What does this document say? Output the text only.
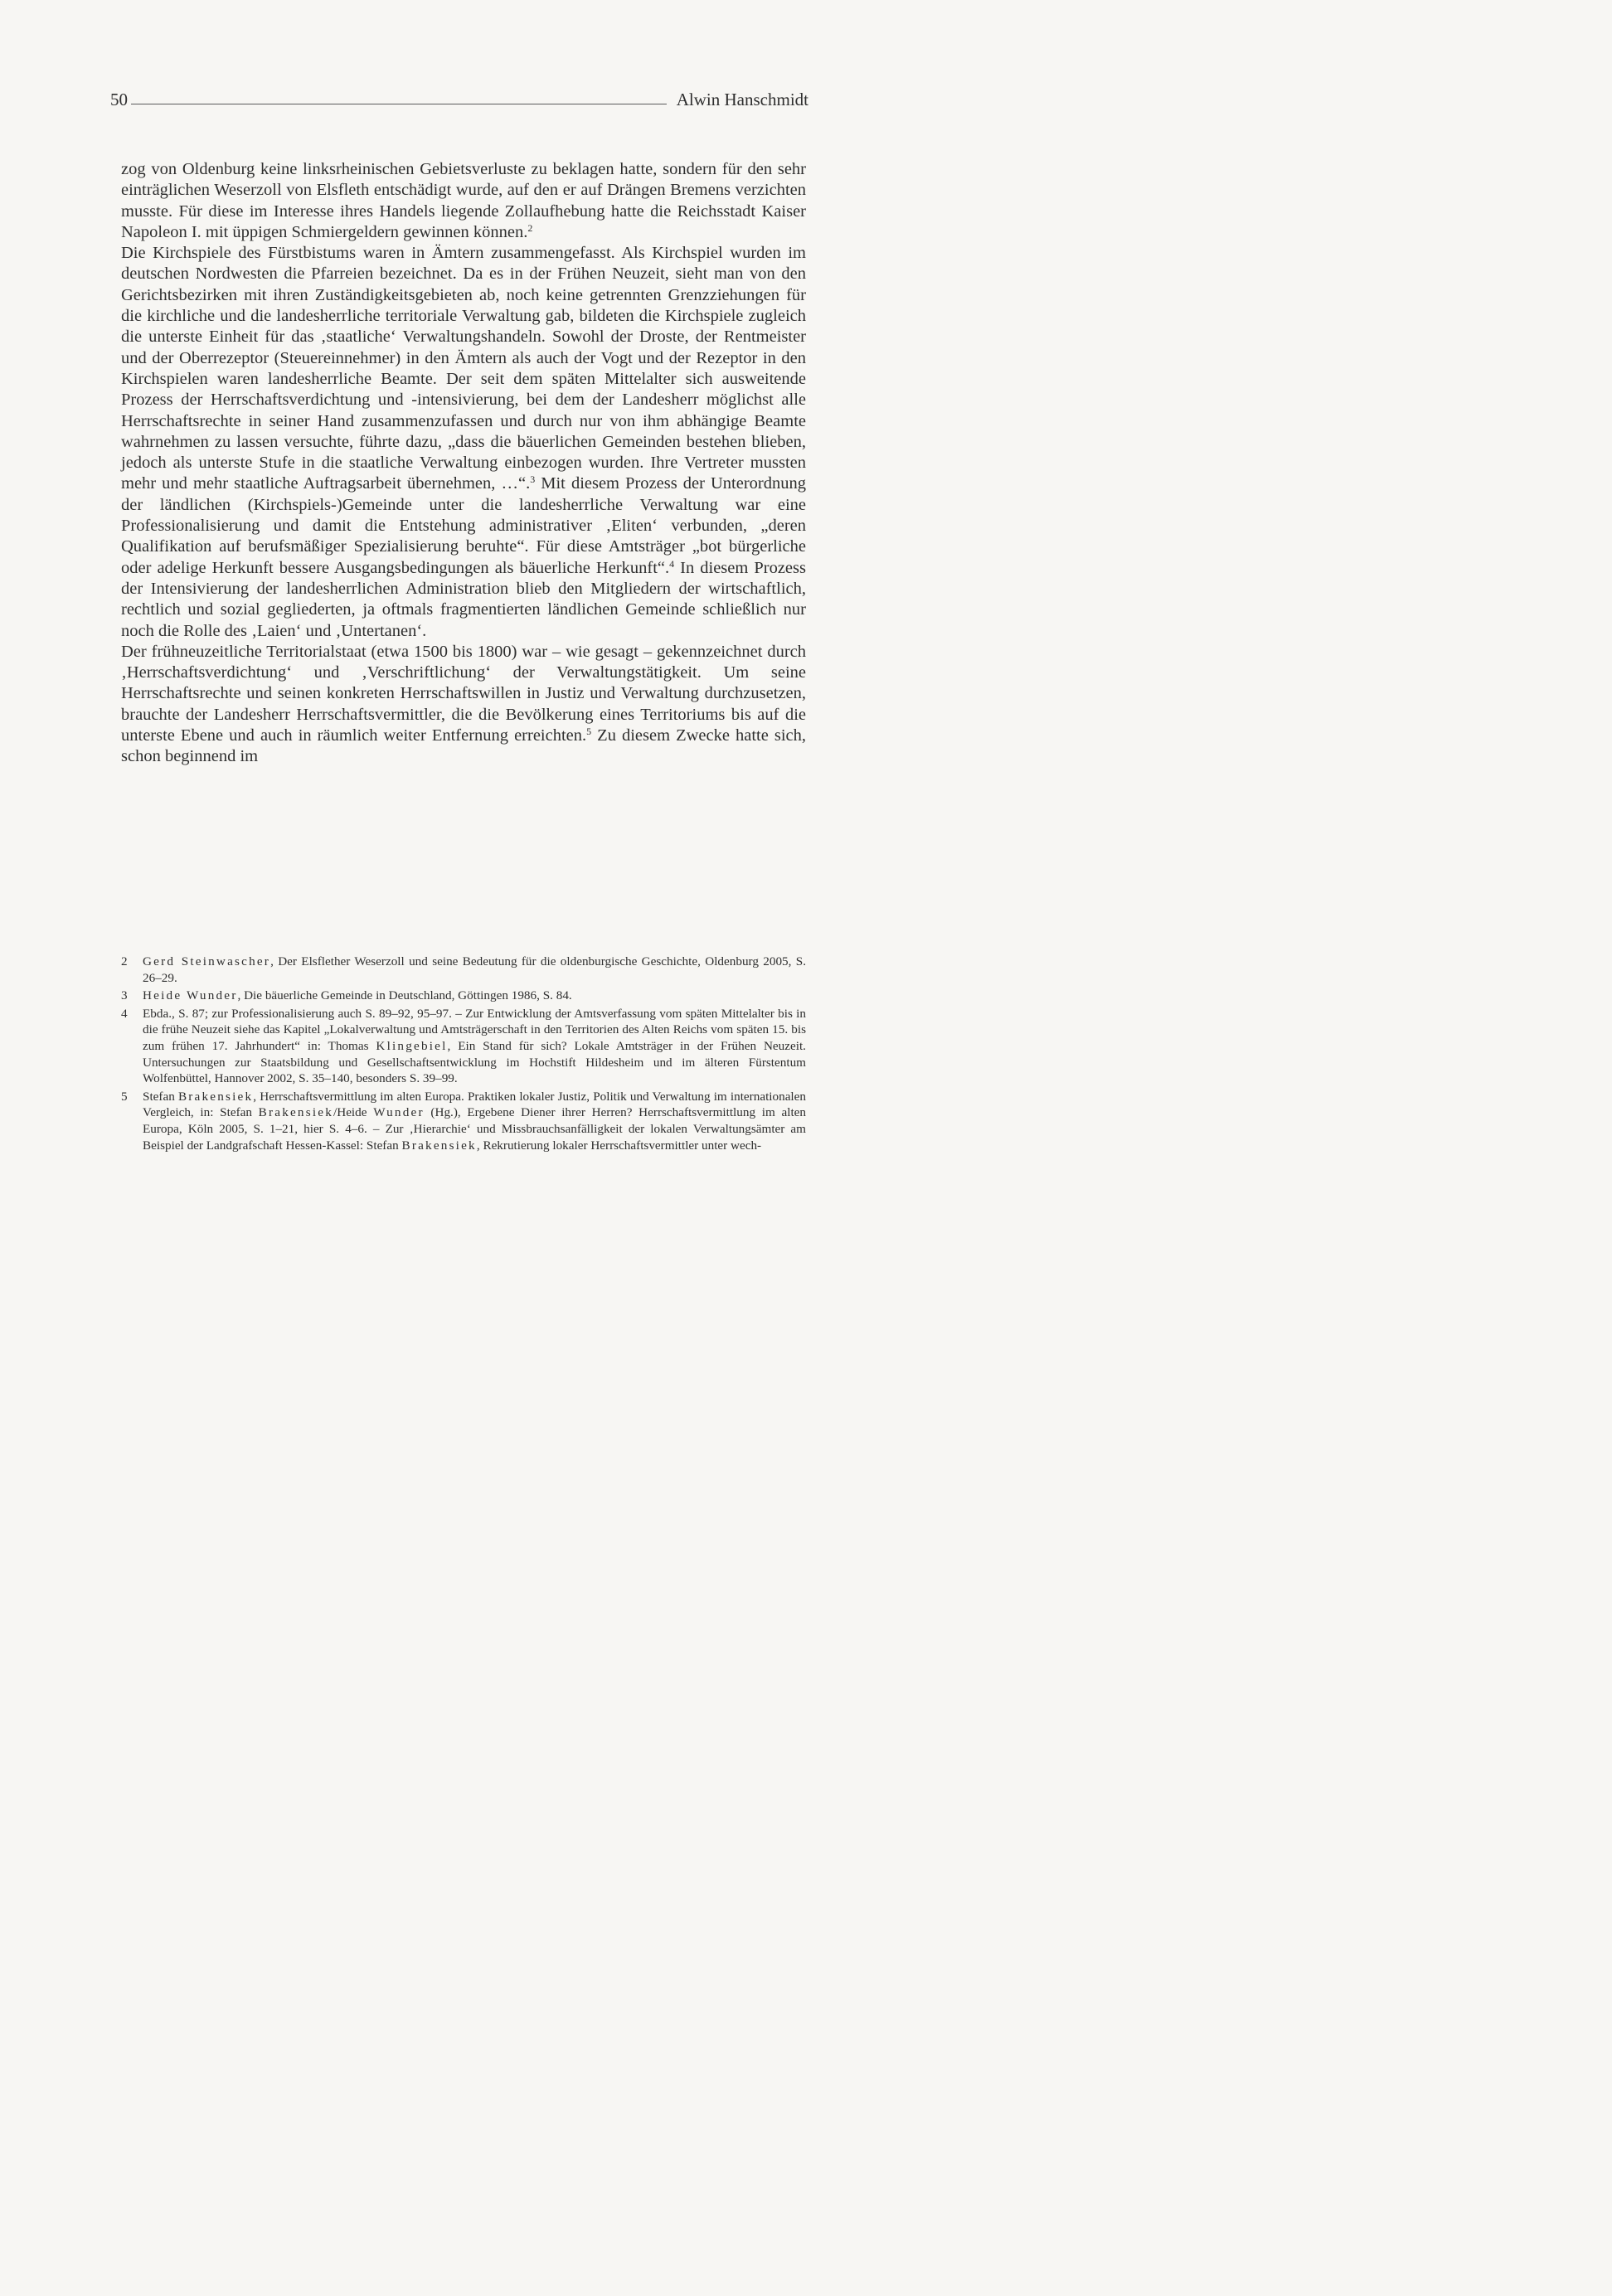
50	Alwin Hanschmidt

zog von Oldenburg keine linksrheinischen Gebietsverluste zu beklagen hatte, sondern für den sehr einträglichen Weserzoll von Elsfleth entschädigt wurde, auf den er auf Drängen Bremens verzichten musste. Für diese im Interesse ihres Handels liegende Zollaufhebung hatte die Reichsstadt Kaiser Napoleon I. mit üppigen Schmiergeldern gewinnen können.$^2$

Die Kirchspiele des Fürstbistums waren in Ämtern zusammengefasst. Als Kirchspiel wurden im deutschen Nordwesten die Pfarreien bezeichnet. Da es in der Frühen Neuzeit, sieht man von den Gerichtsbezirken mit ihren Zuständigkeitsgebieten ab, noch keine getrennten Grenzziehungen für die kirchliche und die landesherrliche territoriale Verwaltung gab, bildeten die Kirchspiele zugleich die unterste Einheit für das ‚staatliche‘ Verwaltungshandeln. Sowohl der Droste, der Rentmeister und der Oberrezeptor (Steuereinnehmer) in den Ämtern als auch der Vogt und der Rezeptor in den Kirchspielen waren landesherrliche Beamte. Der seit dem späten Mittelalter sich ausweitende Prozess der Herrschaftsverdichtung und -intensivierung, bei dem der Landesherr möglichst alle Herrschaftsrechte in seiner Hand zusammenzufassen und durch nur von ihm abhängige Beamte wahrnehmen zu lassen versuchte, führte dazu, „dass die bäuerlichen Gemeinden bestehen blieben, jedoch als unterste Stufe in die staatliche Verwaltung einbezogen wurden. Ihre Vertreter mussten mehr und mehr staatliche Auftragsarbeit übernehmen, …“.$^3$ Mit diesem Prozess der Unterordnung der ländlichen (Kirchspiels-)Gemeinde unter die landesherrliche Verwaltung war eine Professionalisierung und damit die Entstehung administrativer ‚Eliten‘ verbunden, „deren Qualifikation auf berufsmäßiger Spezialisierung beruhte“. Für diese Amtsträger „bot bürgerliche oder adelige Herkunft bessere Ausgangsbedingungen als bäuerliche Herkunft“.$^4$ In diesem Prozess der Intensivierung der landesherrlichen Administration blieb den Mitgliedern der wirtschaftlich, rechtlich und sozial gegliederten, ja oftmals fragmentierten ländlichen Gemeinde schließlich nur noch die Rolle des ‚Laien‘ und ‚Untertanen‘.

Der frühneuzeitliche Territorialstaat (etwa 1500 bis 1800) war – wie gesagt – gekennzeichnet durch ‚Herrschaftsverdichtung‘ und ‚Verschriftlichung‘ der Verwaltungstätigkeit. Um seine Herrschaftsrechte und seinen konkreten Herrschaftswillen in Justiz und Verwaltung durchzusetzen, brauchte der Landesherr Herrschaftsvermittler, die die Bevölkerung eines Territoriums bis auf die unterste Ebene und auch in räumlich weiter Entfernung erreichten.$^5$ Zu diesem Zwecke hatte sich, schon beginnend im

2	Gerd Steinwascher, Der Elsflether Weserzoll und seine Bedeutung für die oldenburgische Geschichte, Oldenburg 2005, S. 26–29.
3	Heide Wunder, Die bäuerliche Gemeinde in Deutschland, Göttingen 1986, S. 84.
4	Ebda., S. 87; zur Professionalisierung auch S. 89–92, 95–97. – Zur Entwicklung der Amtsverfassung vom späten Mittelalter bis in die frühe Neuzeit siehe das Kapitel „Lokalverwaltung und Amtsträgerschaft in den Territorien des Alten Reichs vom späten 15. bis zum frühen 17. Jahrhundert“ in: Thomas Klingebiel, Ein Stand für sich? Lokale Amtsträger in der Frühen Neuzeit. Untersuchungen zur Staatsbildung und Gesellschaftsentwicklung im Hochstift Hildesheim und im älteren Fürstentum Wolfenbüttel, Hannover 2002, S. 35–140, besonders S. 39–99.
5	Stefan Brakensiek, Herrschaftsvermittlung im alten Europa. Praktiken lokaler Justiz, Politik und Verwaltung im internationalen Vergleich, in: Stefan Brakensiek/Heide Wunder (Hg.), Ergebene Diener ihrer Herren? Herrschaftsvermittlung im alten Europa, Köln 2005, S. 1–21, hier S. 4–6. – Zur ‚Hierarchie‘ und Missbrauchsanfälligkeit der lokalen Verwaltungsämter am Beispiel der Landgrafschaft Hessen-Kassel: Stefan Brakensiek, Rekrutierung lokaler Herrschaftsvermittler unter wech-
